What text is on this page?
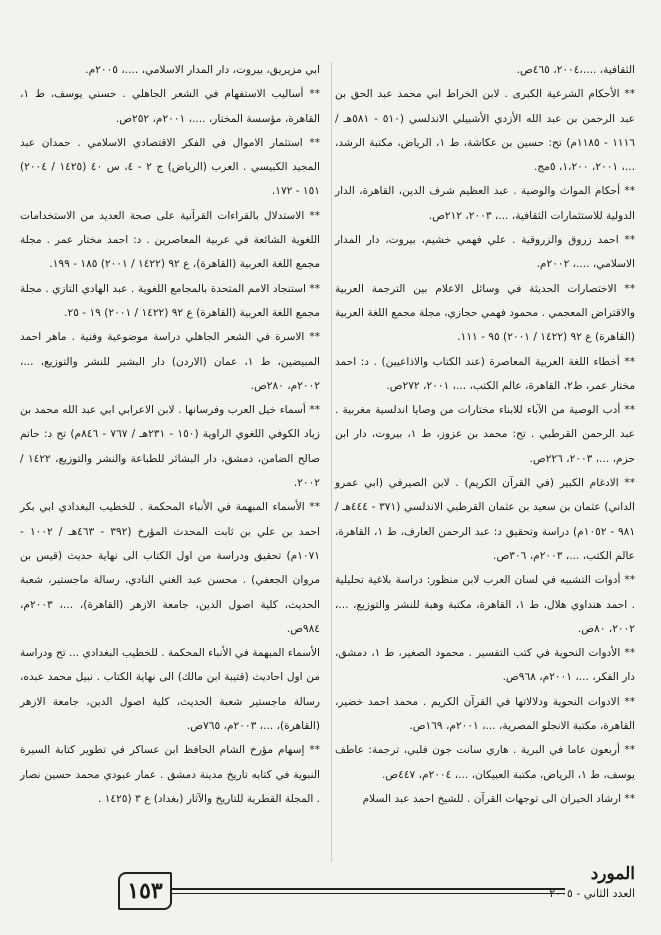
الثقافية، ....،٢٠٠٤، ٤٦٥ص.

** الأحكام الشرعية الكبرى . لابن الخراط ابي محمد عبد الحق بن عبد الرحمن بن عبد الله الأزدي الأشبيلي الاندلسي (٥١٠ - ٥٨١هـ / ١١١٦ - ١١٨٥م) تح: حسين بن عكاشة، ط ١، الرياض، مكتبة الرشد، ...، ٢٠٠١، ١،٢٠٠، ٥مج.

** أحكام المواث والوصية . عبد العظيم شرف الدين، القاهرة، الدار الدولية للاستثمارات الثقافية، ...، ٢٠٠٣، ٢١٢ص.

** احمد زروق والزروقية . علي فهمي خشيم، بيروت، دار المدار الاسلامي، ....، ٢٠٠٢م.

** الاختصارات الحديثة في وسائل الاعلام بين الترجمة العربية والاقتراض المعجمي . محمود فهمي حجازي، مجلة مجمع اللغة العربية (القاهرة) ع ٩٢ (١٤٢٢ / ٢٠٠١) ٩٥ - ١١١.

** أخطاء اللغة العربية المعاصرة (عند الكتاب والاذاعيين) . د: احمد مختار عمر، ط٢، القاهرة، عالم الكتب، ...، ٢٠٠١، ٢٧٢ص.

** أدب الوصية من الآباء للابناء مختارات من وصايا اندلسية مغربية . عبد الرحمن القرطبي . تح: محمد بن عزوز، ط ١، بيروت، دار ابن حزم، ...، ٢٠٠٣، ٢٢٦ص.

** الادغام الكبير (في القرآن الكريم) . لابن الصيرفي (ابي عمرو الداني) عثمان بن سعيد بن عثمان القرطبي الاندلسي (٣٧١ - ٤٤٤هـ / ٩٨١ - ١٠٥٢م) دراسة وتحقيق د: عبد الرحمن العارف، ط ١، القاهرة، عالم الكتب، ...، ٢٠٠٣م، ٣٠٦ص.

** أدوات التشبيه في لسان العرب لابن منظور: دراسة بلاغية تحليلية . احمد هنداوي هلال، ط ١، القاهرة، مكتبة وهبة للنشر والتوزيع، ...، ٢٠٠٢، ٨٠ص.

** الأدوات النحوية في كتب التفسير . محمود الصغير، ط ١، دمشق، دار الفكر، ...، ٢٠٠١م، ٩٦٨ص.

** الادوات النحوية ودلالاتها في القرآن الكريم . محمد احمد خضير، القاهرة، مكتبة الانجلو المصرية، ...، ٢٠٠١م، ١٦٩ص.

** أربعون عاما في البرية . هاري سانت جون فلبي، ترجمة: عاطف يوسف، ط ١، الرياض، مكتبة العبيكان، ...، ٢٠٠٤م، ٤٤٧ص.

** ارشاد الحيران الى توجهات القرآن . للشيخ احمد عبد السلام

ابي مزيريق، بيروت، دار المدار الاسلامي، ....، ٢٠٠٥م.

** أساليب الاستفهام في الشعر الجاهلي . حسني يوسف، ط ١، القاهرة، مؤسسة المختار، ....، ٢٠٠١م، ٢٥٢ص.

** استثمار الاموال في الفكر الاقتصادي الاسلامي . حمدان عبد المجيد الكبيسي . العرب (الرياض) ج ٢ - ٤، س ٤٠ (١٤٢٥ / ٢٠٠٤) ١٥١ - ١٧٢.

** الاستدلال بالقراءات القرآنية على صحة العديد من الاستخدامات اللغوية الشائعة في عربية المعاصرين . د: احمد مختار عمر . مجلة مجمع اللغة العربية (القاهرة)، ع ٩٢ (١٤٢٢ / ٢٠٠١) ١٨٥ - ١٩٩.

** استنجاد الامم المتحدة بالمجامع اللغوية . عبد الهادي التازي . مجلة مجمع اللغة العربية (القاهرة) ع ٩٢ (١٤٢٢ / ٢٠٠١) ١٩ - ٢٥.

** الاسرة في الشعر الجاهلي دراسة موضوعية وفنية . ماهر احمد المبيضين، ط ١، عمان (الاردن) دار البشير للنشر والتوزيع، ...، ٢٠٠٢م، ٢٨٠ص.

** أسماء خيل العرب وفرسانها . لابن الاعرابي ابي عبد الله محمد بن زياد الكوفي اللغوي الراوية (١٥٠ - ٢٣١هـ / ٧٦٧ - ٨٤٦م) تح د: حاتم صالح الضامن، دمشق، دار البشائر للطباعة والنشر والتوزيع، ١٤٢٢ / ٢٠٠٢.

** الأسماء المبهمة في الأنباء المحكمة . للخطيب البغدادي ابي بكر احمد بن علي بن ثابت المحدث المؤرخ (٣٩٢ - ٤٦٣هـ / ١٠٠٢ - ١٠٧١م) تحقيق ودراسة من اول الكتاب الى نهاية حديث (قيس بن مروان الجعفي) . محسن عبد الغني النادي، رسالة ماجستير، شعبة الحديث، كلية اصول الدين، جامعة الازهر (القاهرة)، ...، ٢٠٠٣م، ٩٨٤ص.

الأسماء المبهمة في الأنباء المحكمة . للخطيب البغدادي ... تح ودراسة من اول احاديث (قتيبة ابن مالك) الى نهاية الكتاب . نبيل محمد عبده، رسالة ماجستير شعبة الحديث، كلية اصول الدين، جامعة الازهر (القاهرة)، ...، ٢٠٠٣م، ٧٦٥ص.

** إسهام مؤرخ الشام الحافظ ابن عساكر في تطوير كتابة السيرة النبوية في كتابه تاريخ مدينة دمشق . عمار عبودي محمد حسين نصار . المجلة القطرية للتاريخ والآثار (بغداد) ع ٣ (١٤٢٥ .

١٥٣
المورد
العدد الثاني - ٢٠٠٥
